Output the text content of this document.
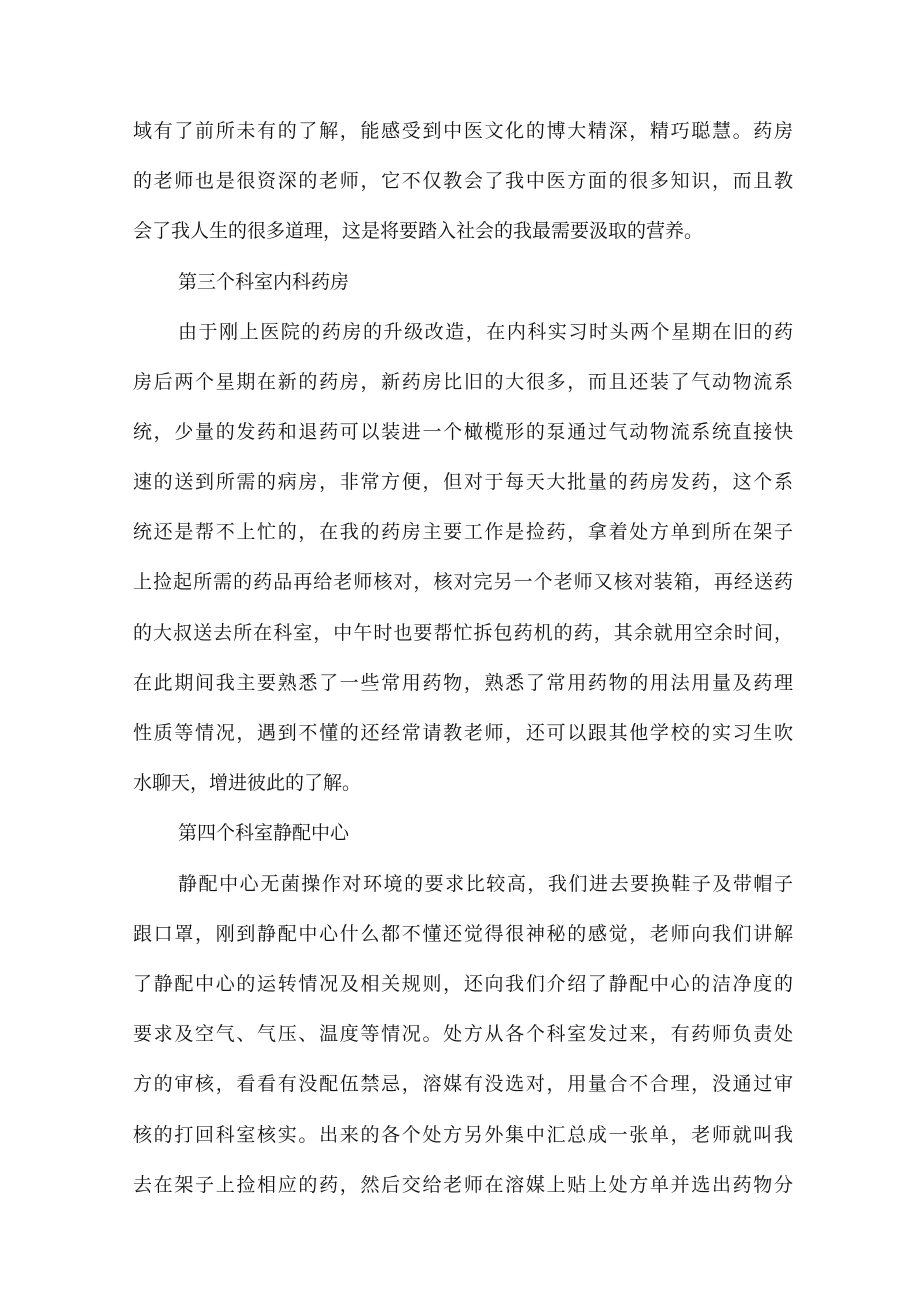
域有了前所未有的了解，能感受到中医文化的博大精深，精巧聪慧。药房

的老师也是很资深的老师，它不仅教会了我中医方面的很多知识，而且教

会了我人生的很多道理，这是将要踏入社会的我最需要汲取的营养。

第三个科室内科药房

由于刚上医院的药房的升级改造，在内科实习时头两个星期在旧的药

房后两个星期在新的药房，新药房比旧的大很多，而且还装了气动物流系

统，少量的发药和退药可以装进一个橄榄形的泵通过气动物流系统直接快

速的送到所需的病房，非常方便，但对于每天大批量的药房发药，这个系

统还是帮不上忙的，在我的药房主要工作是捡药，拿着处方单到所在架子

上捡起所需的药品再给老师核对，核对完另一个老师又核对装箱，再经送药

的大叔送去所在科室，中午时也要帮忙拆包药机的药，其余就用空余时间，

在此期间我主要熟悉了一些常用药物，熟悉了常用药物的用法用量及药理

性质等情况，遇到不懂的还经常请教老师，还可以跟其他学校的实习生吹

水聊天，增进彼此的了解。

第四个科室静配中心

静配中心无菌操作对环境的要求比较高，我们进去要换鞋子及带帽子

跟口罩，刚到静配中心什么都不懂还觉得很神秘的感觉，老师向我们讲解

了静配中心的运转情况及相关规则，还向我们介绍了静配中心的洁净度的

要求及空气、气压、温度等情况。处方从各个科室发过来，有药师负责处

方的审核，看看有没配伍禁忌，溶媒有没选对，用量合不合理，没通过审

核的打回科室核实。出来的各个处方另外集中汇总成一张单，老师就叫我

去在架子上捡相应的药，然后交给老师在溶媒上贴上处方单并选出药物分
